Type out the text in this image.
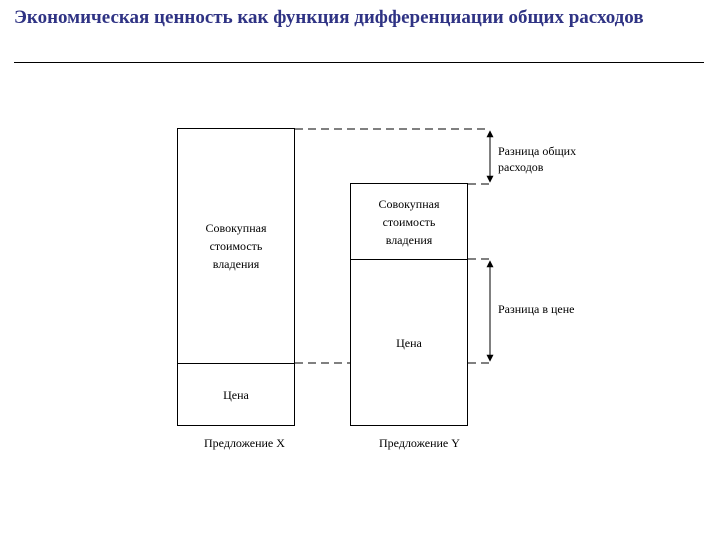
Экономическая ценность как функция дифференциации общих расходов
Совокупная стоимость владения
Цена
Предложение X
Совокупная стоимость владения
Цена
Предложение Y
Разница общих расходов
Разница в цене
